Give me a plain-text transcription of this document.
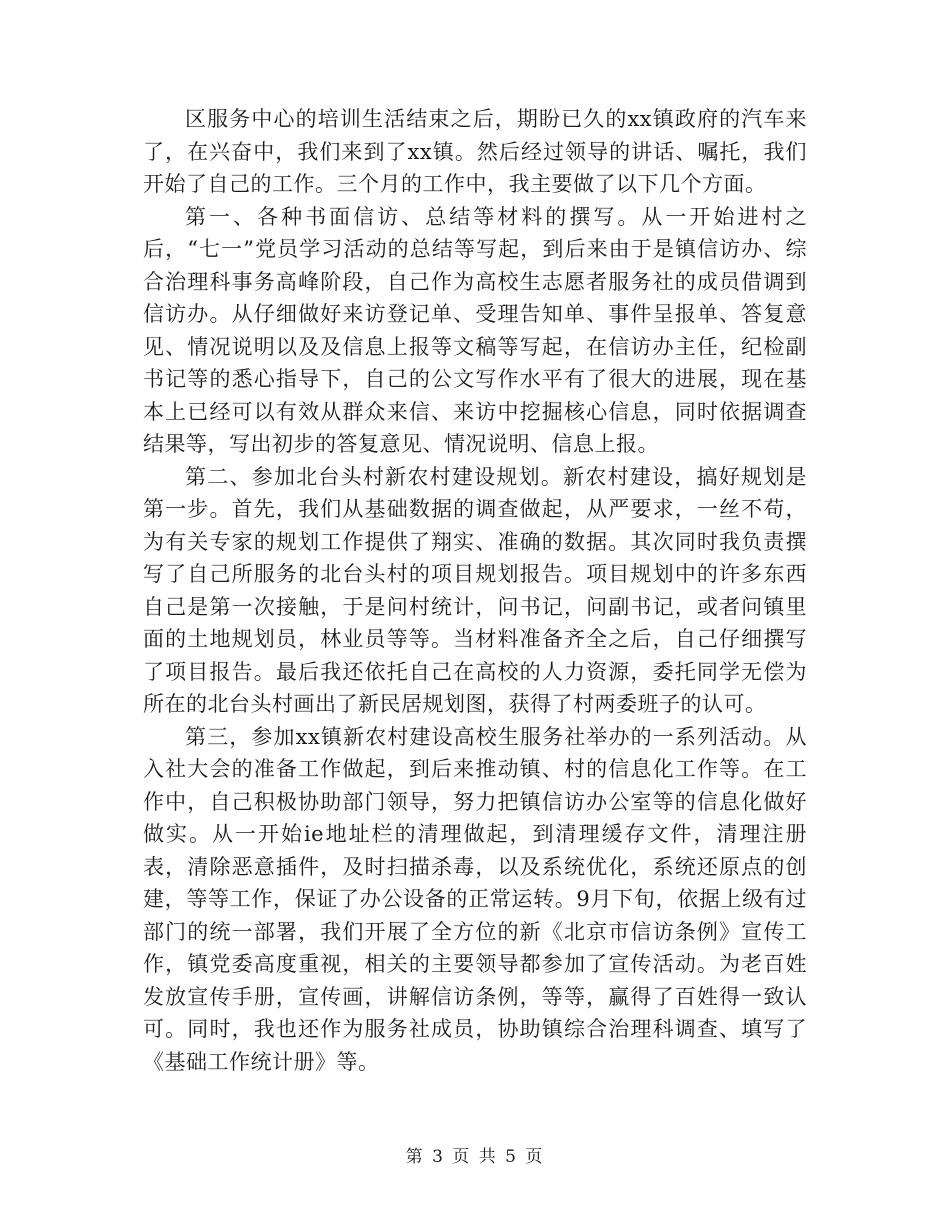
区服务中心的培训生活结束之后，期盼已久的xx镇政府的汽车来了，在兴奋中，我们来到了xx镇。然后经过领导的讲话、嘱托，我们开始了自己的工作。三个月的工作中，我主要做了以下几个方面。

第一、各种书面信访、总结等材料的撰写。从一开始进村之后，“七一”党员学习活动的总结等写起，到后来由于是镇信访办、综合治理科事务高峰阶段，自己作为高校生志愿者服务社的成员借调到信访办。从仔细做好来访登记单、受理告知单、事件呈报单、答复意见、情况说明以及及信息上报等文稿等写起，在信访办主任，纪检副书记等的悉心指导下，自己的公文写作水平有了很大的进展，现在基本上已经可以有效从群众来信、来访中挖掘核心信息，同时依据调查结果等，写出初步的答复意见、情况说明、信息上报。

第二、参加北台头村新农村建设规划。新农村建设，搞好规划是第一步。首先，我们从基础数据的调查做起，从严要求，一丝不苟，为有关专家的规划工作提供了翔实、准确的数据。其次同时我负责撰写了自己所服务的北台头村的项目规划报告。项目规划中的许多东西自己是第一次接触，于是问村统计，问书记，问副书记，或者问镇里面的土地规划员，林业员等等。当材料准备齐全之后，自己仔细撰写了项目报告。最后我还依托自己在高校的人力资源，委托同学无偿为所在的北台头村画出了新民居规划图，获得了村两委班子的认可。

第三，参加xx镇新农村建设高校生服务社举办的一系列活动。从入社大会的准备工作做起，到后来推动镇、村的信息化工作等。在工作中，自己积极协助部门领导，努力把镇信访办公室等的信息化做好做实。从一开始ie地址栏的清理做起，到清理缓存文件，清理注册表，清除恶意插件，及时扫描杀毒，以及系统优化，系统还原点的创建，等等工作，保证了办公设备的正常运转。9月下旬，依据上级有过部门的统一部署，我们开展了全方位的新《北京市信访条例》宣传工作，镇党委高度重视，相关的主要领导都参加了宣传活动。为老百姓发放宣传手册，宣传画，讲解信访条例，等等，赢得了百姓得一致认可。同时，我也还作为服务社成员，协助镇综合治理科调查、填写了《基础工作统计册》等。

第 3 页 共 5 页
